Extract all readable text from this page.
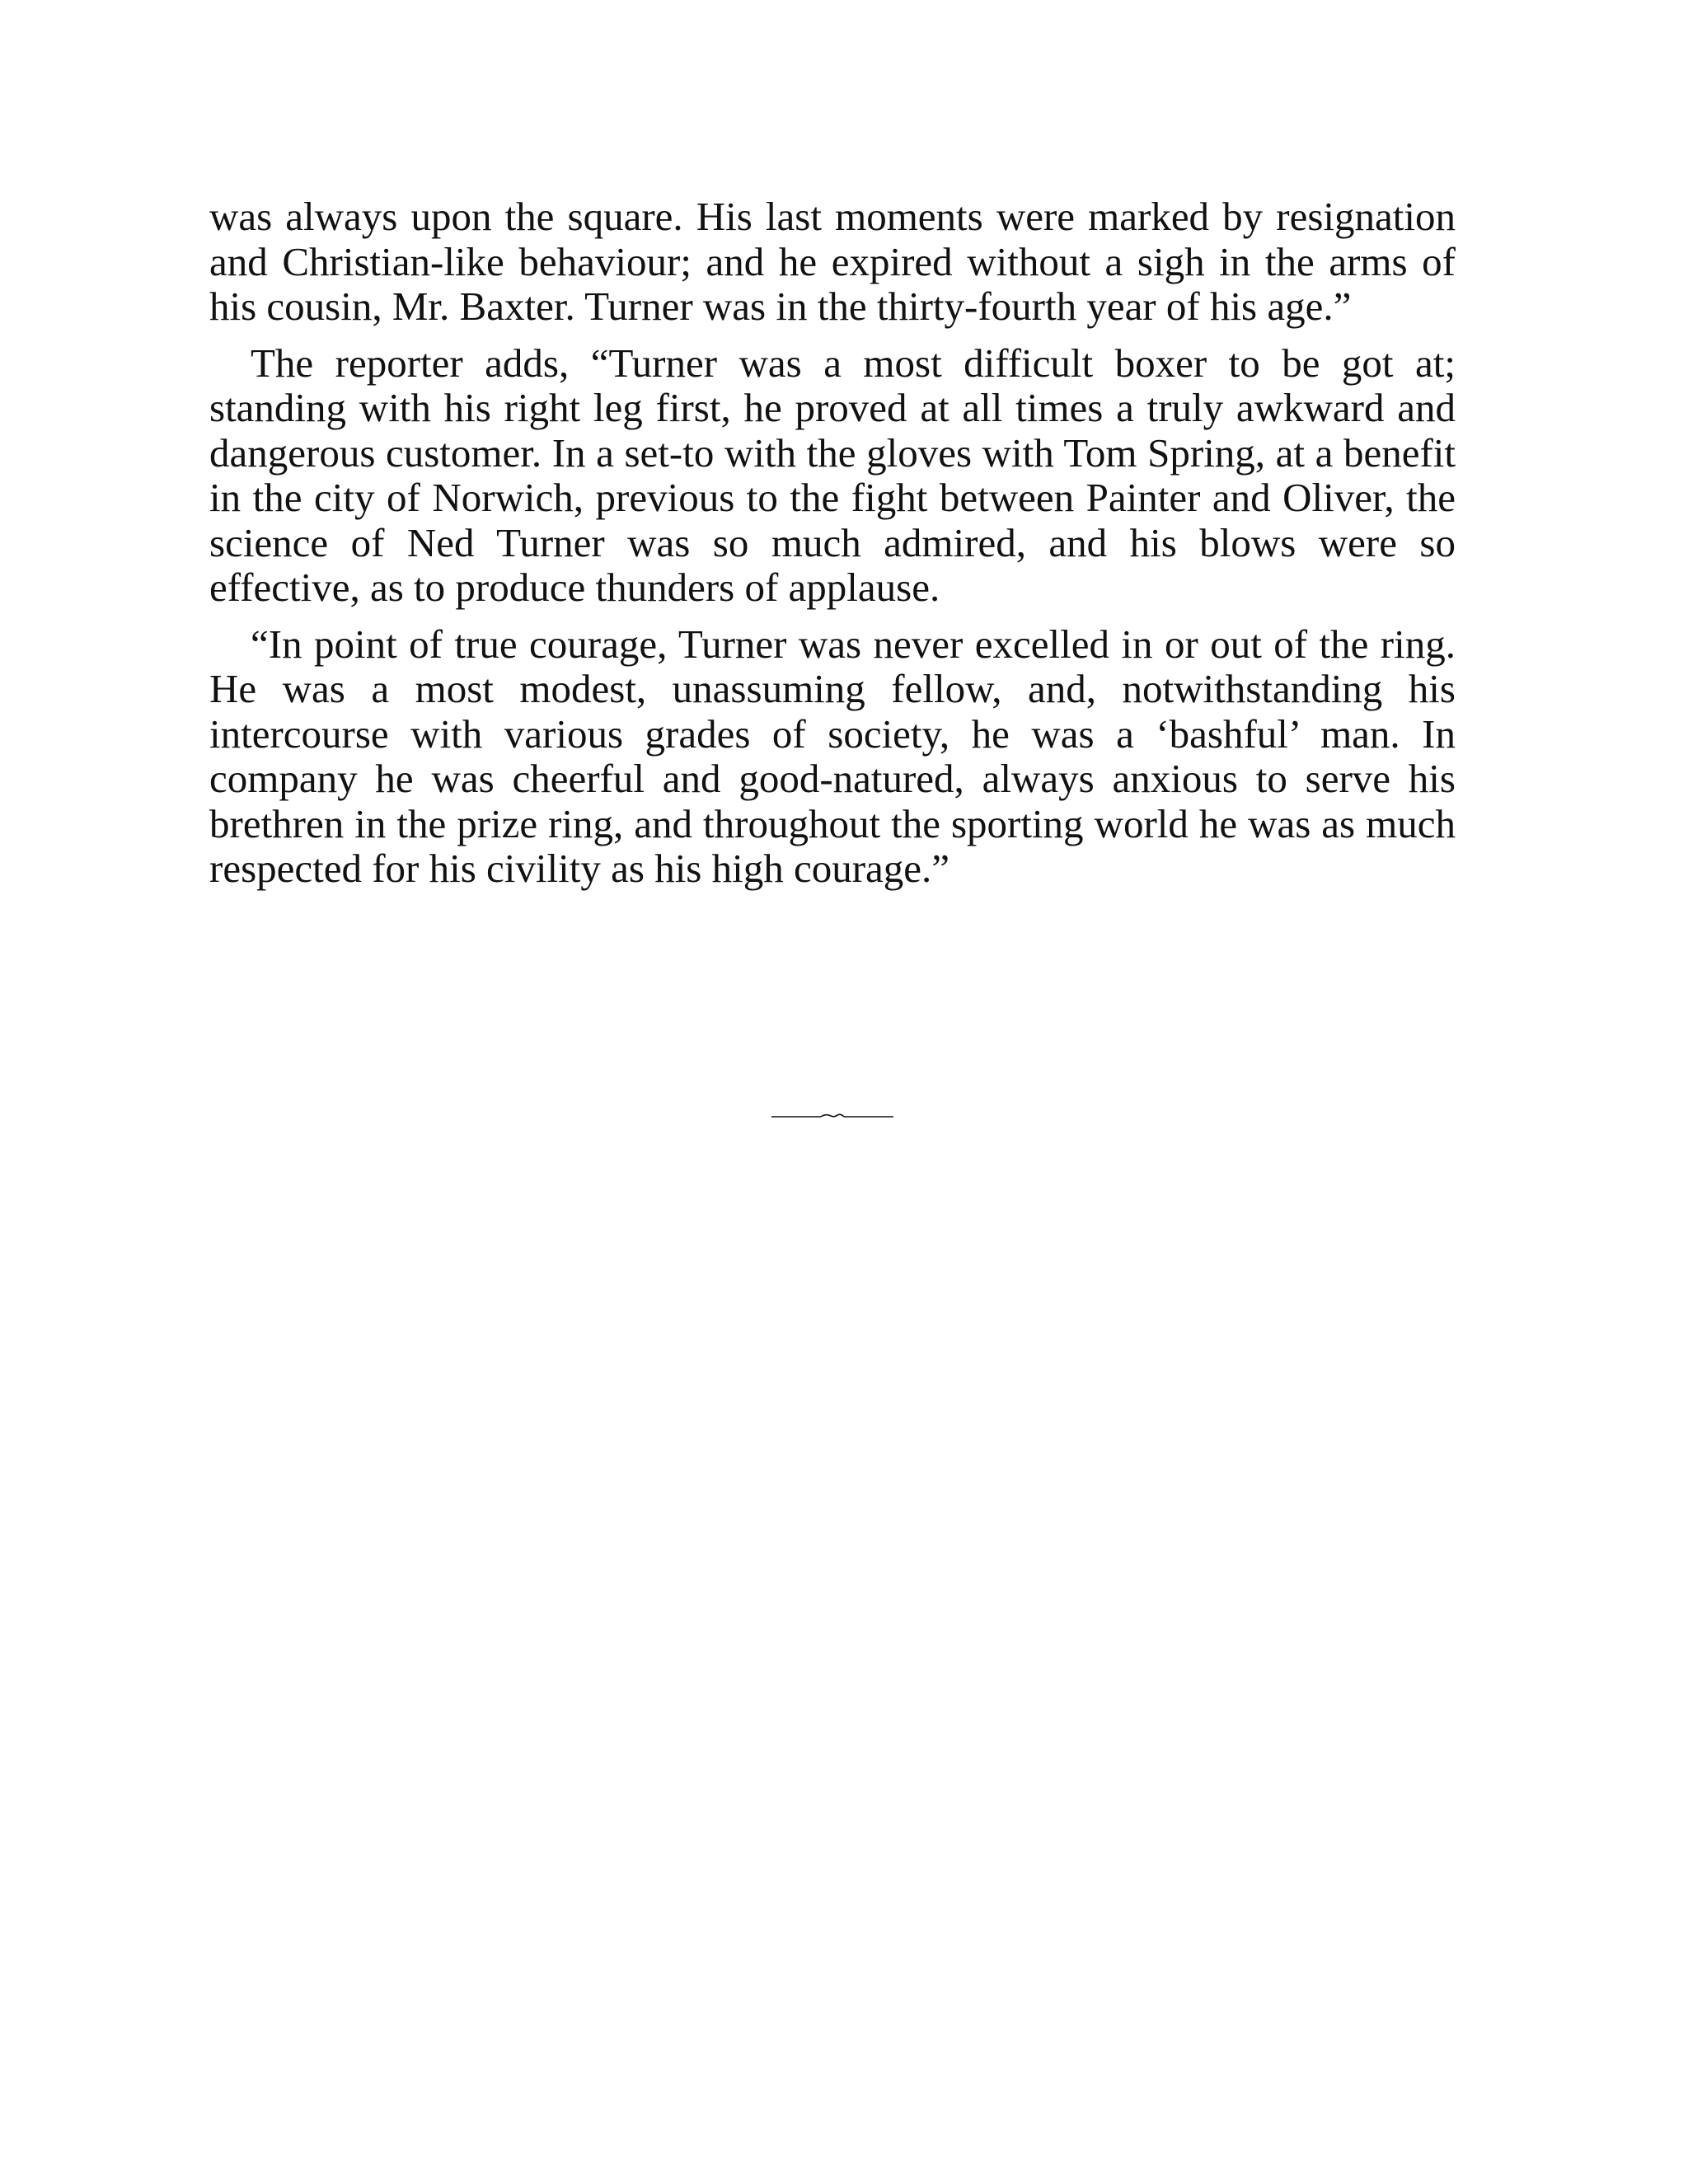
was always upon the square. His last moments were marked by resignation and Christian-like behaviour; and he expired without a sigh in the arms of his cousin, Mr. Baxter. Turner was in the thirty-fourth year of his age.”

The reporter adds, “Turner was a most difficult boxer to be got at; standing with his right leg first, he proved at all times a truly awkward and dangerous customer. In a set-to with the gloves with Tom Spring, at a benefit in the city of Norwich, previous to the fight between Painter and Oliver, the science of Ned Turner was so much admired, and his blows were so effective, as to produce thunders of applause.

“In point of true courage, Turner was never excelled in or out of the ring. He was a most modest, unassuming fellow, and, notwithstanding his intercourse with various grades of society, he was a ‘bashful’ man. In company he was cheerful and good-natured, always anxious to serve his brethren in the prize ring, and throughout the sporting world he was as much respected for his civility as his high courage.”
